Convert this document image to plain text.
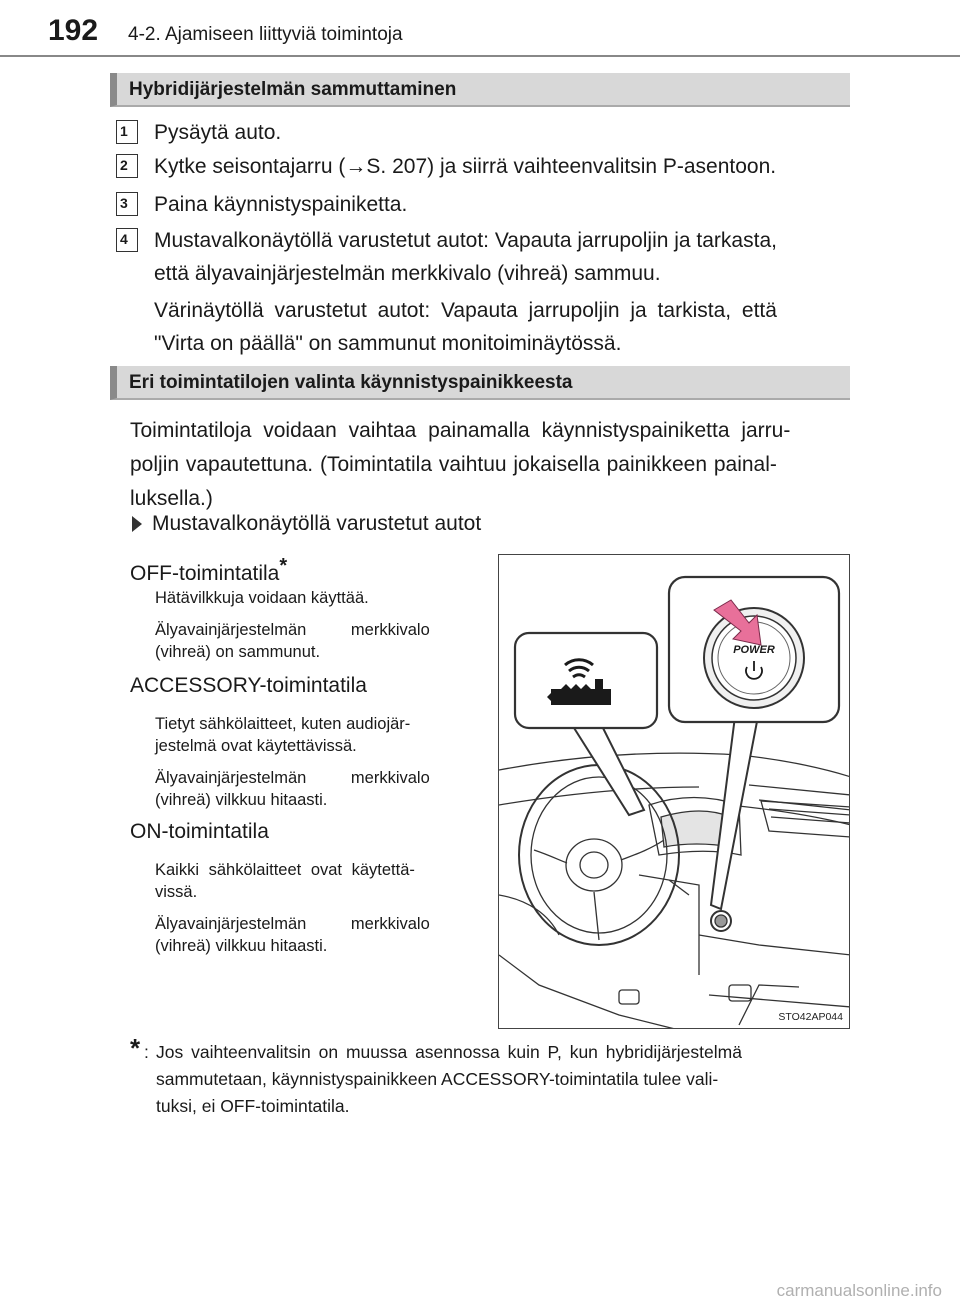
192 4-2. Ajamiseen liittyviä toimintoja
Hybridijärjestelmän sammuttaminen
1	Pysäytä auto.
2	Kytke seisontajarru (→S. 207) ja siirrä vaihteenvalitsin P-asentoon.
3	Paina käynnistyspainiketta.
4	Mustavalkonäytöllä varustetut autot: Vapauta jarrupoljin ja tarkasta,
että älyavainjärjestelmän merkkivalo (vihreä) sammuu.
Värinäytöllä varustetut autot: Vapauta jarrupoljin ja tarkista, että
"Virta on päällä" on sammunut monitoiminäytössä.
Eri toimintatilojen valinta käynnistyspainikkeesta
Toimintatiloja voidaan vaihtaa painamalla käynnistyspainiketta jarru-
poljin vapautettuna. (Toimintatila vaihtuu jokaisella painikkeen painal-
luksella.)
Mustavalkonäytöllä varustetut autot
OFF-toimintatila*
Hätävilkkuja voidaan käyttää.
Älyavainjärjestelmän merkkivalo
(vihreä) on sammunut.
ACCESSORY-toimintatila
Tietyt sähkölaitteet, kuten audiojär-
jestelmä ovat käytettävissä.
Älyavainjärjestelmän merkkivalo
(vihreä) vilkkuu hitaasti.
ON-toimintatila
Kaikki sähkölaitteet ovat käytettä-
vissä.
Älyavainjärjestelmän merkkivalo
(vihreä) vilkkuu hitaasti.
POWER
STO42AP044
* : Jos vaihteenvalitsin on muussa asennossa kuin P, kun hybridijärjestelmä
sammutetaan, käynnistyspainikkeen ACCESSORY-toimintatila tulee vali-
tuksi, ei OFF-toimintatila.
carmanualsonline.info
